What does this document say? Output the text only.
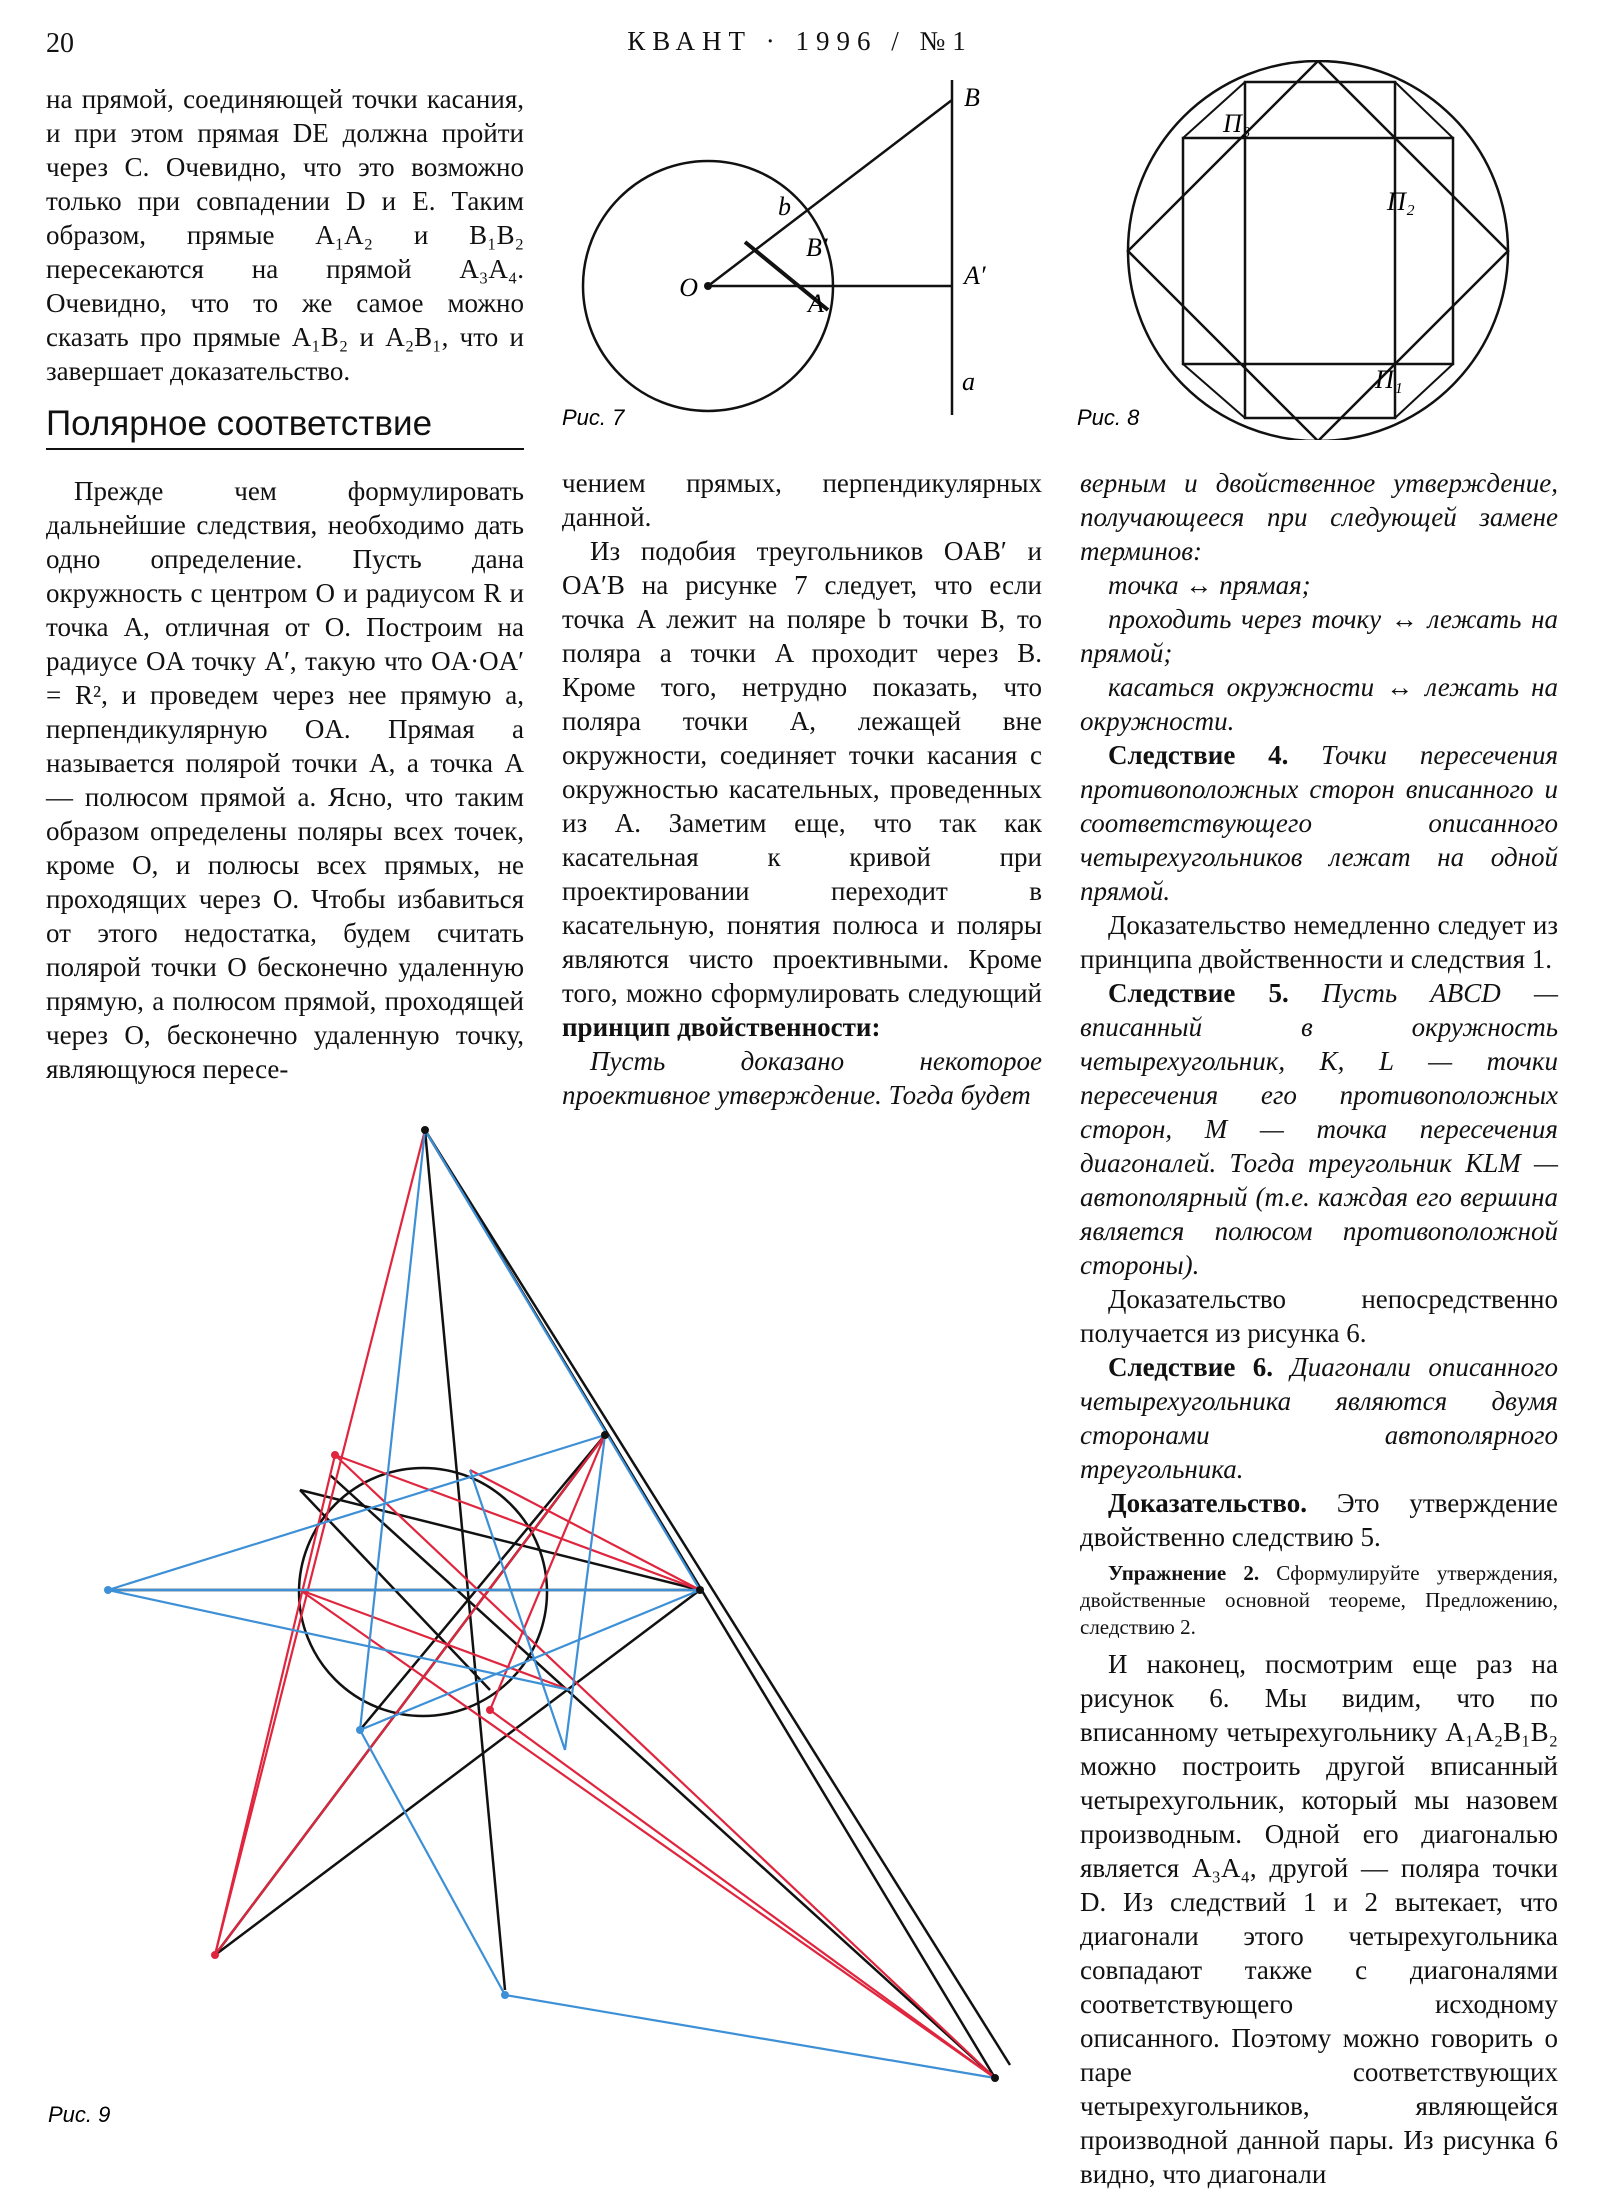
20	КВАНТ · 1996 / №1

на прямой, соединяющей точки касания, и при этом прямая DE должна пройти через C. Очевидно, что это возможно только при совпадении D и E. Таким образом, прямые A₁A₂ и B₁B₂ пересекаются на прямой A₃A₄. Очевидно, что то же самое можно сказать про прямые A₁B₂ и A₂B₁, что и завершает доказательство.

Полярное соответствие

Прежде чем формулировать дальнейшие следствия, необходимо дать одно определение. Пусть дана окружность с центром O и радиусом R и точка A, отличная от O. Построим на радиусе OA точку A′, такую что OA·OA′ = R², и проведем через нее прямую a, перпендикулярную OA. Прямая a называется полярой точки A, а точка A — полюсом прямой a. Ясно, что таким образом определены поляры всех точек, кроме O, и полюсы всех прямых, не проходящих через O. Чтобы избавиться от этого недостатка, будем считать полярой точки O бесконечно удаленную прямую, а полюсом прямой, проходящей через O, бесконечно удаленную точку, являющуюся пересе-

чением прямых, перпендикулярных данной.

Из подобия треугольников OAB′ и OA′B на рисунке 7 следует, что если точка A лежит на поляре b точки B, то поляра a точки A проходит через B. Кроме того, нетрудно показать, что поляра точки A, лежащей вне окружности, соединяет точки касания с окружностью касательных, проведенных из A. Заметим еще, что так как касательная к кривой при проектировании переходит в касательную, понятия полюса и поляры являются чисто проективными. Кроме того, можно сформулировать следующий принцип двойственности:

Пусть доказано некоторое проективное утверждение. Тогда будет

верным и двойственное утверждение, получающееся при следующей замене терминов:

точка ↔ прямая;

проходить через точку ↔ лежать на прямой;

касаться окружности ↔ лежать на окружности.

Следствие 4. Точки пересечения противоположных сторон вписанного и соответствующего описанного четырехугольников лежат на одной прямой.

Доказательство немедленно следует из принципа двойственности и следствия 1.

Следствие 5. Пусть ABCD — вписанный в окружность четырехугольник, K, L — точки пересечения его противоположных сторон, M — точка пересечения диагоналей. Тогда треугольник KLM — автополярный (т.е. каждая его вершина является полюсом противоположной стороны).

Доказательство непосредственно получается из рисунка 6.

Следствие 6. Диагонали описанного четырехугольника являются двумя сторонами автополярного треугольника.

Доказательство. Это утверждение двойственно следствию 5.

Упражнение 2. Сформулируйте утверждения, двойственные основной теореме, Предложению, следствию 2.

И наконец, посмотрим еще раз на рисунок 6. Мы видим, что по вписанному четырехугольнику A₁A₂B₁B₂ можно построить другой вписанный четырехугольник, который мы назовем производным. Одной его диагональю является A₃A₄, другой — поляра точки D. Из следствий 1 и 2 вытекает, что диагонали этого четырехугольника совпадают также с диагоналями соответствующего исходному описанного. Поэтому можно говорить о паре соответствующих четырехугольников, являющейся производной данной пары. Из рисунка 6 видно, что диагонали

O
A
B
B′
A′
a
b
Рис. 7
П₁
П₂
П₃
Рис. 8
Рис. 9
